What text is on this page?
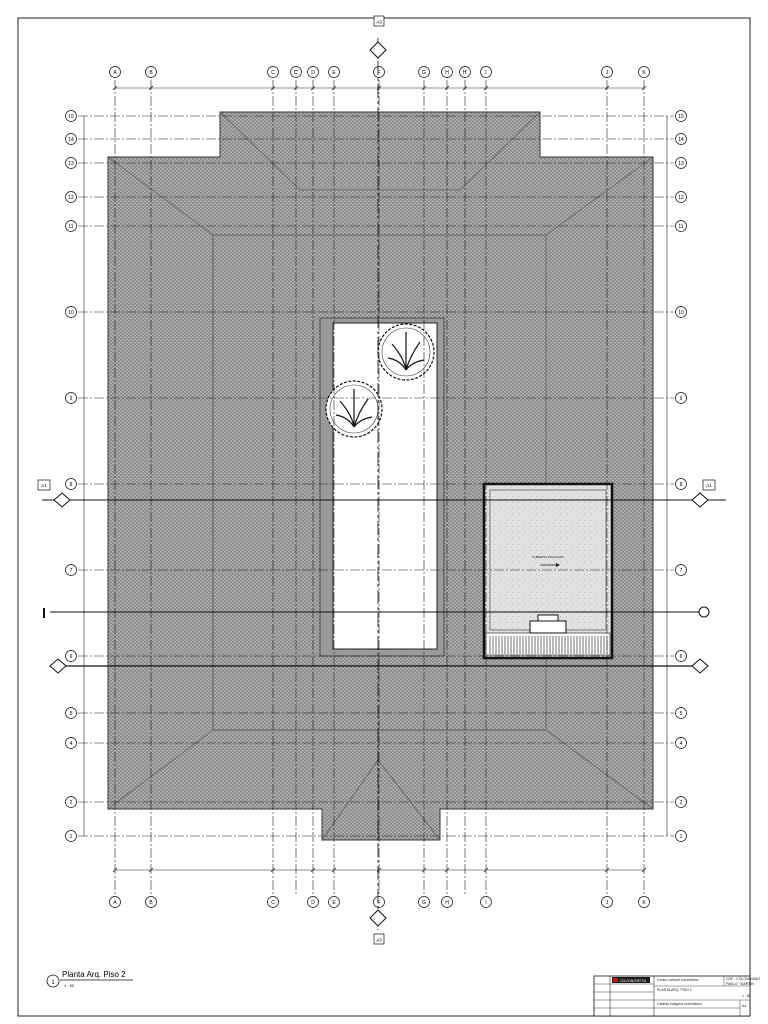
CUBIERTA INCLINADA
A	B	C	C'	D	E	F	G	H	H'	I	J	K
A	B	C	D	E	F	G	H	I	J	K
1	1
2	2
4	4
5	5
6	6
7	7
8	8
9	9
10	10
11	11
12	12
13	13
14	14
15	15
A3
A3
A1	A1
1
Planta Arq. Piso 2
1 : 50
COLCONCRETOS	Centro cultural colombiano	CDF · COLOMBIANO
PABLO · MARTIN
PLANTA ARQ. PISO 2
Cabildo indígena colombiano
1 : 50
A4
